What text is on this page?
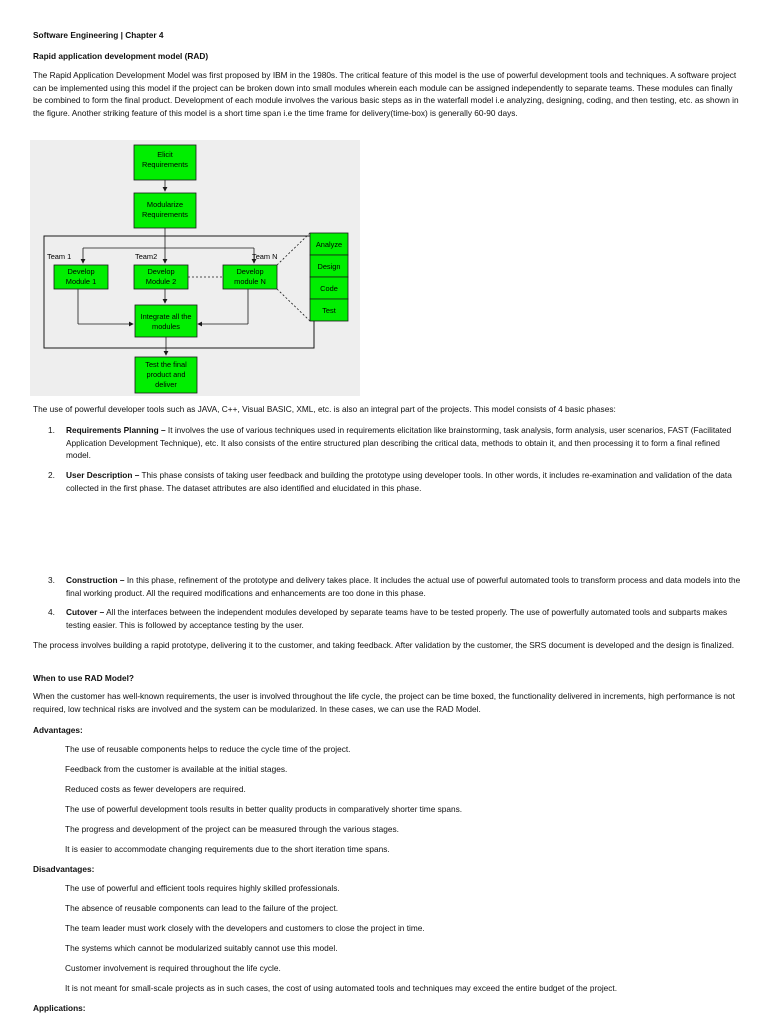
Software Engineering | Chapter 4
Rapid application development model (RAD)
The Rapid Application Development Model was first proposed by IBM in the 1980s. The critical feature of this model is the use of powerful development tools and techniques. A software project can be implemented using this model if the project can be broken down into small modules wherein each module can be assigned independently to separate teams. These modules can finally be combined to form the final product. Development of each module involves the various basic steps as in the waterfall model i.e analyzing, designing, coding, and then testing, etc. as shown in the figure. Another striking feature of this model is a short time span i.e the time frame for delivery(time-box) is generally 60-90 days.
Elicit
Requirements
Modularize
Requirements
Team 1	Team2	Team N
Develop
Module 1
Develop
Module 2
Develop
module N
Integrate all the
modules
Test the final
product and
deliver
Analyze
Design
Code
Test
The use of powerful developer tools such as JAVA, C++, Visual BASIC, XML, etc. is also an integral part of the projects. This model consists of 4 basic phases:
1. Requirements Planning – It involves the use of various techniques used in requirements elicitation like brainstorming, task analysis, form analysis, user scenarios, FAST (Facilitated Application Development Technique), etc. It also consists of the entire structured plan describing the critical data, methods to obtain it, and then processing it to form a final refined model.
2. User Description – This phase consists of taking user feedback and building the prototype using developer tools. In other words, it includes re-examination and validation of the data collected in the first phase. The dataset attributes are also identified and elucidated in this phase.
3. Construction – In this phase, refinement of the prototype and delivery takes place. It includes the actual use of powerful automated tools to transform process and data models into the final working product. All the required modifications and enhancements are too done in this phase.
4. Cutover – All the interfaces between the independent modules developed by separate teams have to be tested properly. The use of powerfully automated tools and subparts makes testing easier. This is followed by acceptance testing by the user.
The process involves building a rapid prototype, delivering it to the customer, and taking feedback. After validation by the customer, the SRS document is developed and the design is finalized.
When to use RAD Model?
When the customer has well-known requirements, the user is involved throughout the life cycle, the project can be time boxed, the functionality delivered in increments, high performance is not required, low technical risks are involved and the system can be modularized. In these cases, we can use the RAD Model.
Advantages:
The use of reusable components helps to reduce the cycle time of the project.
Feedback from the customer is available at the initial stages.
Reduced costs as fewer developers are required.
The use of powerful development tools results in better quality products in comparatively shorter time spans.
The progress and development of the project can be measured through the various stages.
It is easier to accommodate changing requirements due to the short iteration time spans.
Disadvantages:
The use of powerful and efficient tools requires highly skilled professionals.
The absence of reusable components can lead to the failure of the project.
The team leader must work closely with the developers and customers to close the project in time.
The systems which cannot be modularized suitably cannot use this model.
Customer involvement is required throughout the life cycle.
It is not meant for small-scale projects as in such cases, the cost of using automated tools and techniques may exceed the entire budget of the project.
Applications:
